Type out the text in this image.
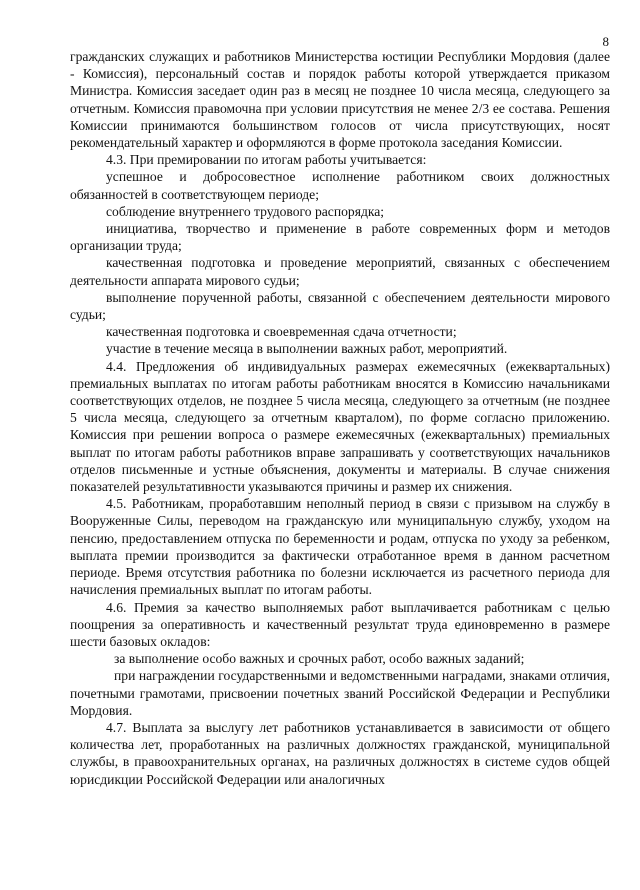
8

гражданских служащих и работников Министерства юстиции Республики Мордовия (далее - Комиссия), персональный состав и порядок работы которой утверждается приказом Министра. Комиссия заседает один раз в месяц не позднее 10 числа месяца, следующего за отчетным. Комиссия правомочна при условии присутствия не менее 2/3 ее состава. Решения Комиссии принимаются большинством голосов от числа присутствующих, носят рекомендательный характер и оформляются в форме протокола заседания Комиссии.

4.3. При премировании по итогам работы учитывается:

успешное и добросовестное исполнение работником своих должностных обязанностей в соответствующем периоде;

соблюдение внутреннего трудового распорядка;

инициатива, творчество и применение в работе современных форм и методов организации труда;

качественная подготовка и проведение мероприятий, связанных с обеспечением деятельности аппарата мирового судьи;

выполнение порученной работы, связанной с обеспечением деятельности мирового судьи;

качественная подготовка и своевременная сдача отчетности;

участие в течение месяца в выполнении важных работ, мероприятий.

4.4. Предложения об индивидуальных размерах ежемесячных (ежеквартальных) премиальных выплатах по итогам работы работникам вносятся в Комиссию начальниками соответствующих отделов, не позднее 5 числа месяца, следующего за отчетным (не позднее 5 числа месяца, следующего за отчетным кварталом), по форме согласно приложению. Комиссия при решении вопроса о размере ежемесячных (ежеквартальных) премиальных выплат по итогам работы работников вправе запрашивать у соответствующих начальников отделов письменные и устные объяснения, документы и материалы. В случае снижения показателей результативности указываются причины и размер их снижения.

4.5. Работникам, проработавшим неполный период в связи с призывом на службу в Вооруженные Силы, переводом на гражданскую или муниципальную службу, уходом на пенсию, предоставлением отпуска по беременности и родам, отпуска по уходу за ребенком, выплата премии производится за фактически отработанное время в данном расчетном периоде. Время отсутствия работника по болезни исключается из расчетного периода для начисления премиальных выплат по итогам работы.

4.6. Премия за качество выполняемых работ выплачивается работникам с целью поощрения за оперативность и качественный результат труда единовременно в размере шести базовых окладов:

за выполнение особо важных и срочных работ, особо важных заданий;

при награждении государственными и ведомственными наградами, знаками отличия, почетными грамотами, присвоении почетных званий Российской Федерации и Республики Мордовия.

4.7. Выплата за выслугу лет работников устанавливается в зависимости от общего количества лет, проработанных на различных должностях гражданской, муниципальной службы, в правоохранительных органах, на различных должностях в системе судов общей юрисдикции Российской Федерации или аналогичных
